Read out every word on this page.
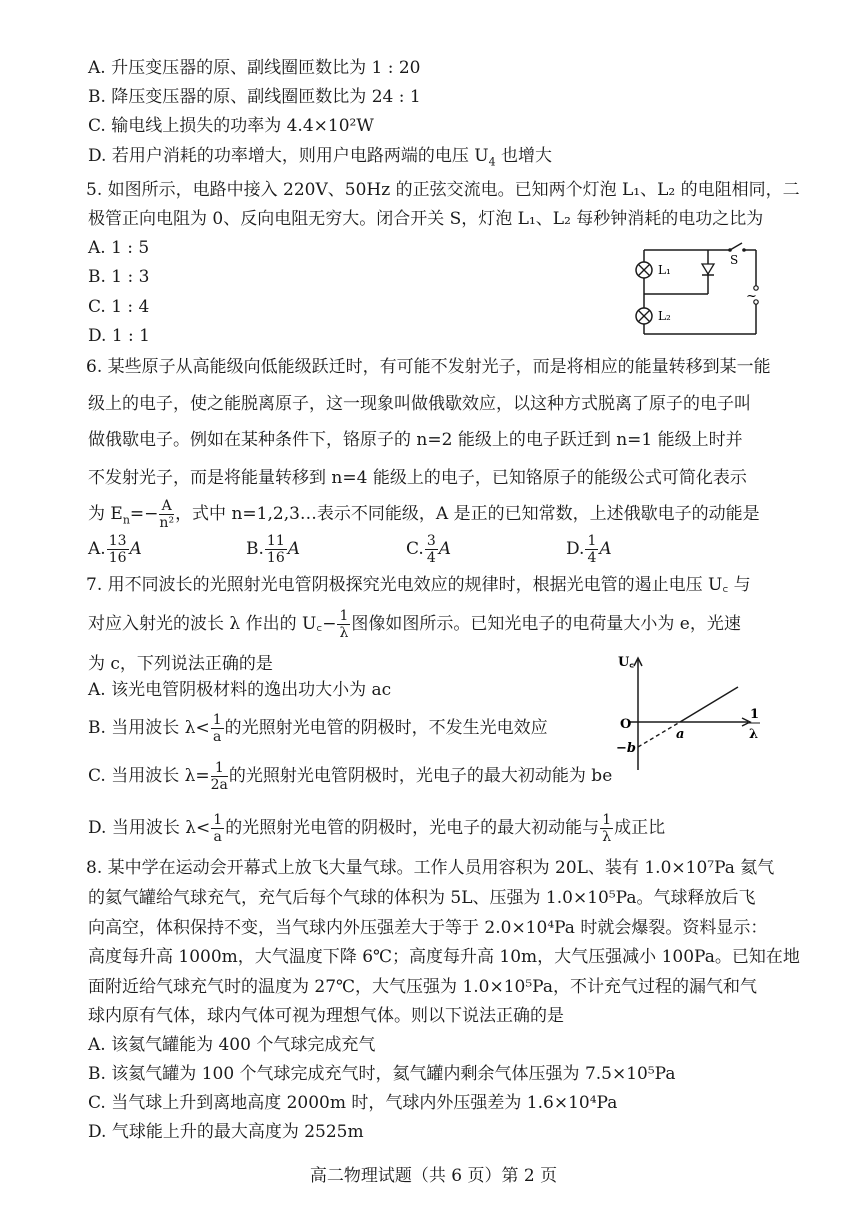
A. 升压变压器的原、副线圈匝数比为 1 : 20
B. 降压变压器的原、副线圈匝数比为 24 : 1
C. 输电线上损失的功率为 4.4×10²W
D. 若用户消耗的功率增大，则用户电路两端的电压 $U_4$ 也增大
5. 如图所示，电路中接入 220V、50Hz 的正弦交流电。已知两个灯泡 L₁、L₂ 的电阻相同，二
极管正向电阻为 0、反向电阻无穷大。闭合开关 S，灯泡 L₁、L₂ 每秒钟消耗的电功之比为
A. 1 : 5
B. 1 : 3
C. 1 : 4
D. 1 : 1
L₁
L₂
S
~
6. 某些原子从高能级向低能级跃迁时，有可能不发射光子，而是将相应的能量转移到某一能
级上的电子，使之能脱离原子，这一现象叫做俄歇效应，以这种方式脱离了原子的电子叫
做俄歇电子。例如在某种条件下，铬原子的 n=2 能级上的电子跃迁到 n=1 能级上时并
不发射光子，而是将能量转移到 n=4 能级上的电子，已知铬原子的能级公式可简化表示
为 $E_n=- \frac{A}{\text{n²}}$ ，式中 n=1,2,3…表示不同能级，A 是正的已知常数，上述俄歇电子的动能是
A. $\frac{13}{16}$ A	B. $\frac{11}{16}$ A	C. $\frac{3}{4}$ A	D. $\frac{1}{4}$ A
7. 用不同波长的光照射光电管阴极探究光电效应的规律时，根据光电管的遏止电压 U꜀ 与
对应入射光的波长 λ 作出的 U꜀− $\frac{1}{\lambda}$ 图像如图所示。已知光电子的电荷量大小为 e，光速
为 c，下列说法正确的是
A. 该光电管阴极材料的逸出功大小为 ac
B. 当用波长 $\lambda< \frac{1}{a}$ 的光照射光电管的阴极时，不发生光电效应
C. 当用波长 $\lambda= \frac{1}{2a}$ 的光照射光电管阴极时，光电子的最大初动能为 be
D. 当用波长 $\lambda< \frac{1}{a}$ 的光照射光电管的阴极时，光电子的最大初动能与 $\frac{1}{\lambda}$ 成正比
U꜀
O
a
−b
1
λ
8. 某中学在运动会开幕式上放飞大量气球。工作人员用容积为 20L、装有 1.0×10⁷Pa 氦气
的氦气罐给气球充气，充气后每个气球的体积为 5L、压强为 1.0×10⁵Pa。气球释放后飞
向高空，体积保持不变，当气球内外压强差大于等于 2.0×10⁴Pa 时就会爆裂。资料显示：
高度每升高 1000m，大气温度下降 6℃；高度每升高 10m，大气压强减小 100Pa。已知在地
面附近给气球充气时的温度为 27℃，大气压强为 1.0×10⁵Pa，不计充气过程的漏气和气
球内原有气体，球内气体可视为理想气体。则以下说法正确的是
A. 该氦气罐能为 400 个气球完成充气
B. 该氦气罐为 100 个气球完成充气时，氦气罐内剩余气体压强为 7.5×10⁵Pa
C. 当气球上升到离地高度 2000m 时，气球内外压强差为 1.6×10⁴Pa
D. 气球能上升的最大高度为 2525m
高二物理试题（共 6 页）第 2 页
